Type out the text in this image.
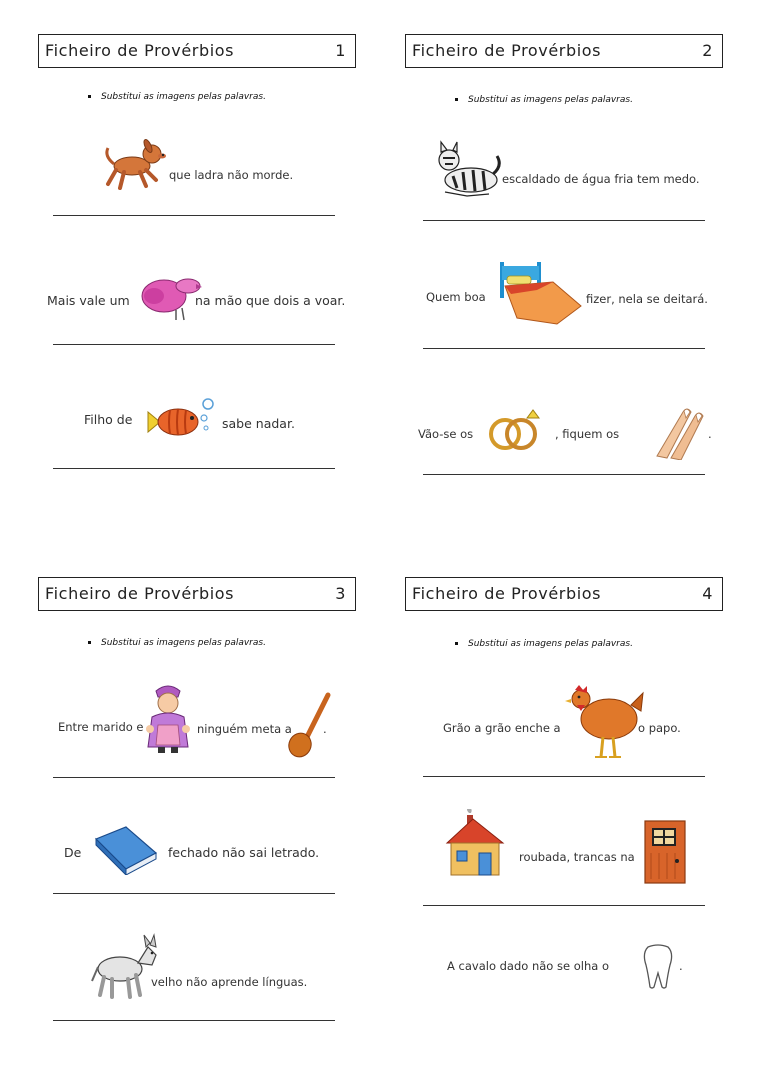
Ficheiro de Provérbios	1
Substitui as imagens pelas palavras.
que ladra não morde.
Mais vale um	na mão que dois a voar.
Filho de	sabe nadar.
Ficheiro de Provérbios	2
Substitui as imagens pelas palavras.
escaldado de água fria tem medo.
Quem boa	fizer, nela se deitará.
Vão-se os	, fiquem os	.
Ficheiro de Provérbios	3
Substitui as imagens pelas palavras.
Entre marido e	ninguém meta a	.
De	fechado não sai letrado.
velho não aprende línguas.
Ficheiro de Provérbios	4
Substitui as imagens pelas palavras.
Grão a grão enche a	o papo.
roubada, trancas na
A cavalo dado não se olha o	.
